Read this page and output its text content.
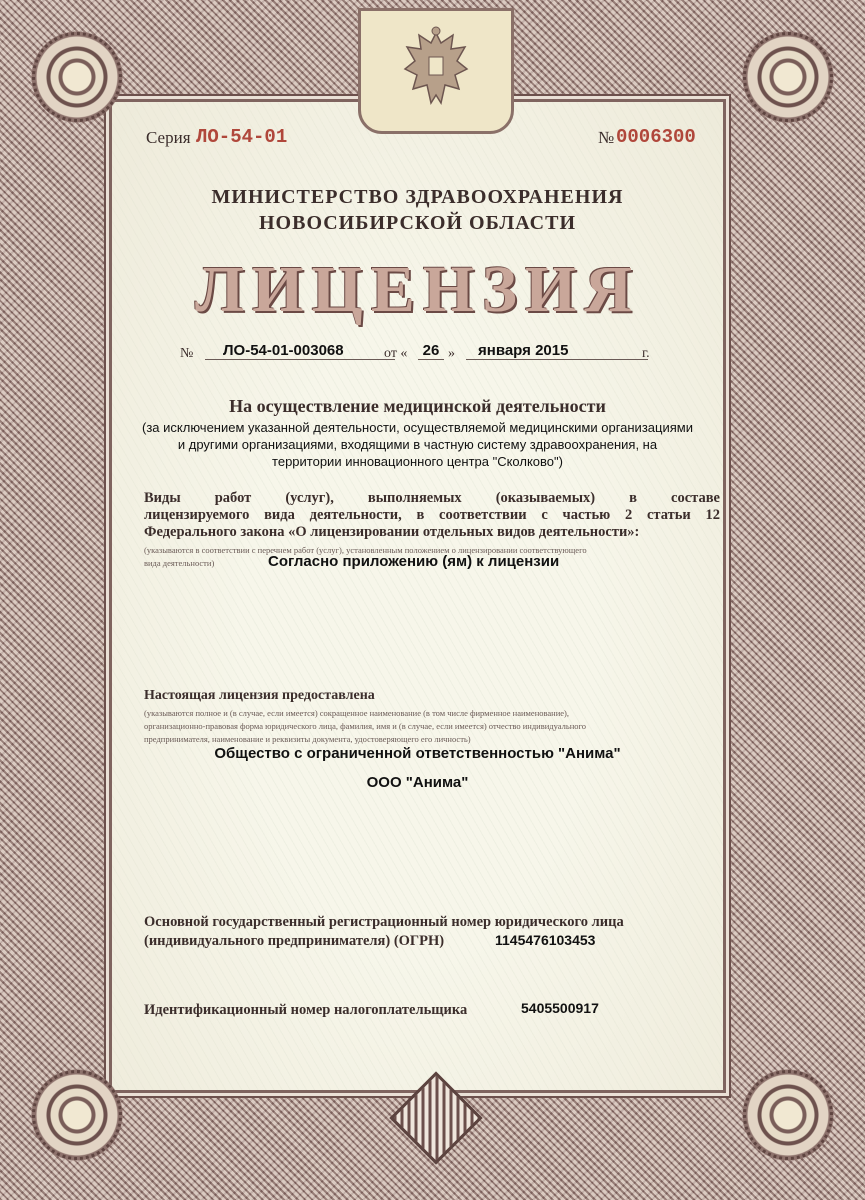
Серия ЛО-54-01	№ 0006300
МИНИСТЕРСТВО ЗДРАВООХРАНЕНИЯ
НОВОСИБИРСКОЙ ОБЛАСТИ
ЛИЦЕНЗИЯ
№	ЛО-54-01-003068	от «	26 »	января 2015	г.
На осуществление медицинской деятельности
(за исключением указанной деятельности, осуществляемой медицинскими организациями
и другими организациями, входящими в частную систему здравоохранения, на
территории инновационного центра "Сколково")
Виды работ (услуг), выполняемых (оказываемых) в составе
лицензируемого вида деятельности, в соответствии с частью 2 статьи 12
Федерального закона «О лицензировании отдельных видов деятельности»:
(указываются в соответствии с перечнем работ (услуг), установленным положением о лицензировании соответствующего
вида деятельности)	Согласно приложению (ям) к лицензии
Настоящая лицензия предоставлена
(указываются полное и (в случае, если имеется) сокращенное наименование (в том числе фирменное наименование),
организационно-правовая форма юридического лица, фамилия, имя и (в случае, если имеется) отчество индивидуального
предпринимателя, наименование и реквизиты документа, удостоверяющего его личность)
Общество с ограниченной ответственностью "Анима"
ООО "Анима"
Основной государственный регистрационный номер юридического лица
(индивидуального предпринимателя) (ОГРН)	1145476103453
Идентификационный номер налогоплательщика	5405500917
